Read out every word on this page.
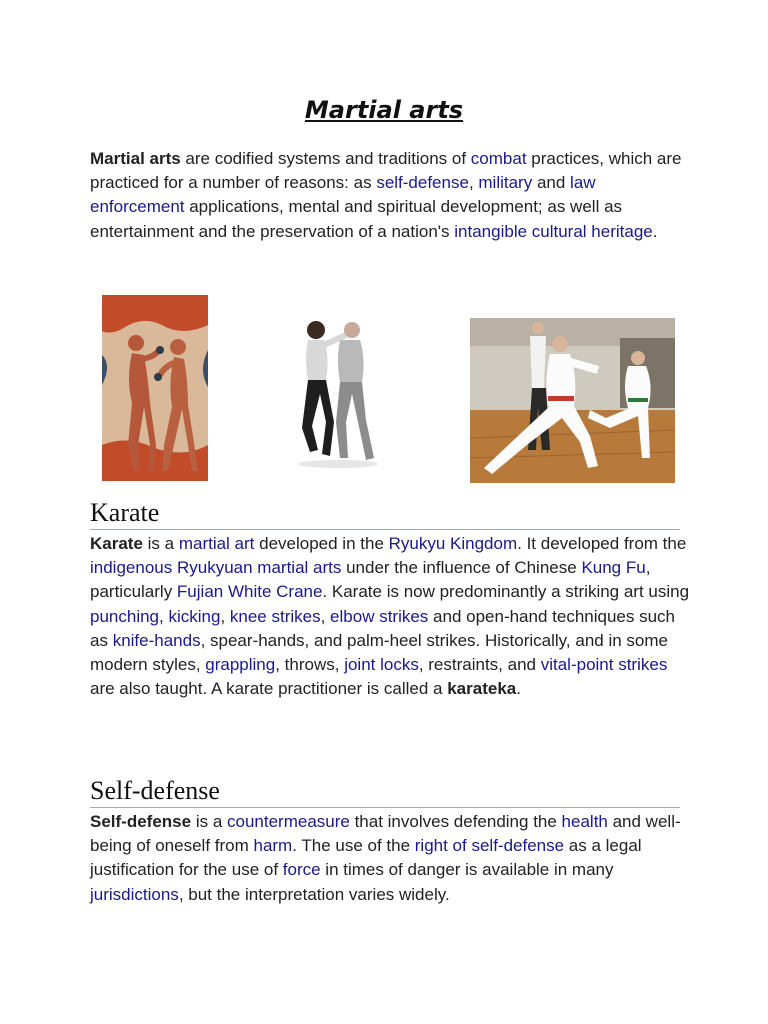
Martial arts

Martial arts are codified systems and traditions of combat practices, which are practiced for a number of reasons: as self-defense, military and law enforcement applications, mental and spiritual development; as well as entertainment and the preservation of a nation's intangible cultural heritage.

Karate

Karate is a martial art developed in the Ryukyu Kingdom. It developed from the indigenous Ryukyuan martial arts under the influence of Chinese Kung Fu, particularly Fujian White Crane. Karate is now predominantly a striking art using punching, kicking, knee strikes, elbow strikes and open-hand techniques such as knife-hands, spear-hands, and palm-heel strikes. Historically, and in some modern styles, grappling, throws, joint locks, restraints, and vital-point strikes are also taught. A karate practitioner is called a karateka.

Self-defense

Self-defense is a countermeasure that involves defending the health and well-being of oneself from harm. The use of the right of self-defense as a legal justification for the use of force in times of danger is available in many jurisdictions, but the interpretation varies widely.
